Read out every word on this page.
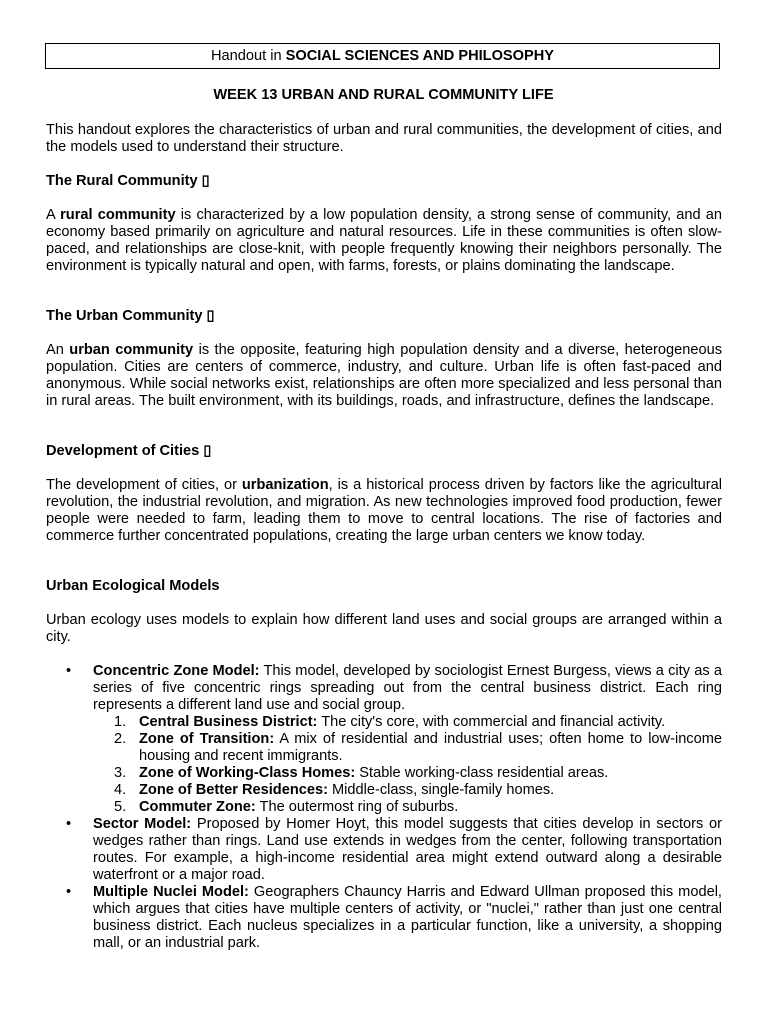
Handout in SOCIAL SCIENCES AND PHILOSOPHY
WEEK 13 URBAN AND RURAL COMMUNITY LIFE
This handout explores the characteristics of urban and rural communities, the development of cities, and the models used to understand their structure.
The Rural Community ▯
A rural community is characterized by a low population density, a strong sense of community, and an economy based primarily on agriculture and natural resources. Life in these communities is often slow-paced, and relationships are close-knit, with people frequently knowing their neighbors personally. The environment is typically natural and open, with farms, forests, or plains dominating the landscape.
The Urban Community ▯
An urban community is the opposite, featuring high population density and a diverse, heterogeneous population. Cities are centers of commerce, industry, and culture. Urban life is often fast-paced and anonymous. While social networks exist, relationships are often more specialized and less personal than in rural areas. The built environment, with its buildings, roads, and infrastructure, defines the landscape.
Development of Cities ▯
The development of cities, or urbanization, is a historical process driven by factors like the agricultural revolution, the industrial revolution, and migration. As new technologies improved food production, fewer people were needed to farm, leading them to move to central locations. The rise of factories and commerce further concentrated populations, creating the large urban centers we know today.
Urban Ecological Models
Urban ecology uses models to explain how different land uses and social groups are arranged within a city.
• Concentric Zone Model: This model, developed by sociologist Ernest Burgess, views a city as a series of five concentric rings spreading out from the central business district. Each ring represents a different land use and social group.
1. Central Business District: The city's core, with commercial and financial activity.
2. Zone of Transition: A mix of residential and industrial uses; often home to low-income housing and recent immigrants.
3. Zone of Working-Class Homes: Stable working-class residential areas.
4. Zone of Better Residences: Middle-class, single-family homes.
5. Commuter Zone: The outermost ring of suburbs.
• Sector Model: Proposed by Homer Hoyt, this model suggests that cities develop in sectors or wedges rather than rings. Land use extends in wedges from the center, following transportation routes. For example, a high-income residential area might extend outward along a desirable waterfront or a major road.
• Multiple Nuclei Model: Geographers Chauncy Harris and Edward Ullman proposed this model, which argues that cities have multiple centers of activity, or "nuclei," rather than just one central business district. Each nucleus specializes in a particular function, like a university, a shopping mall, or an industrial park.
